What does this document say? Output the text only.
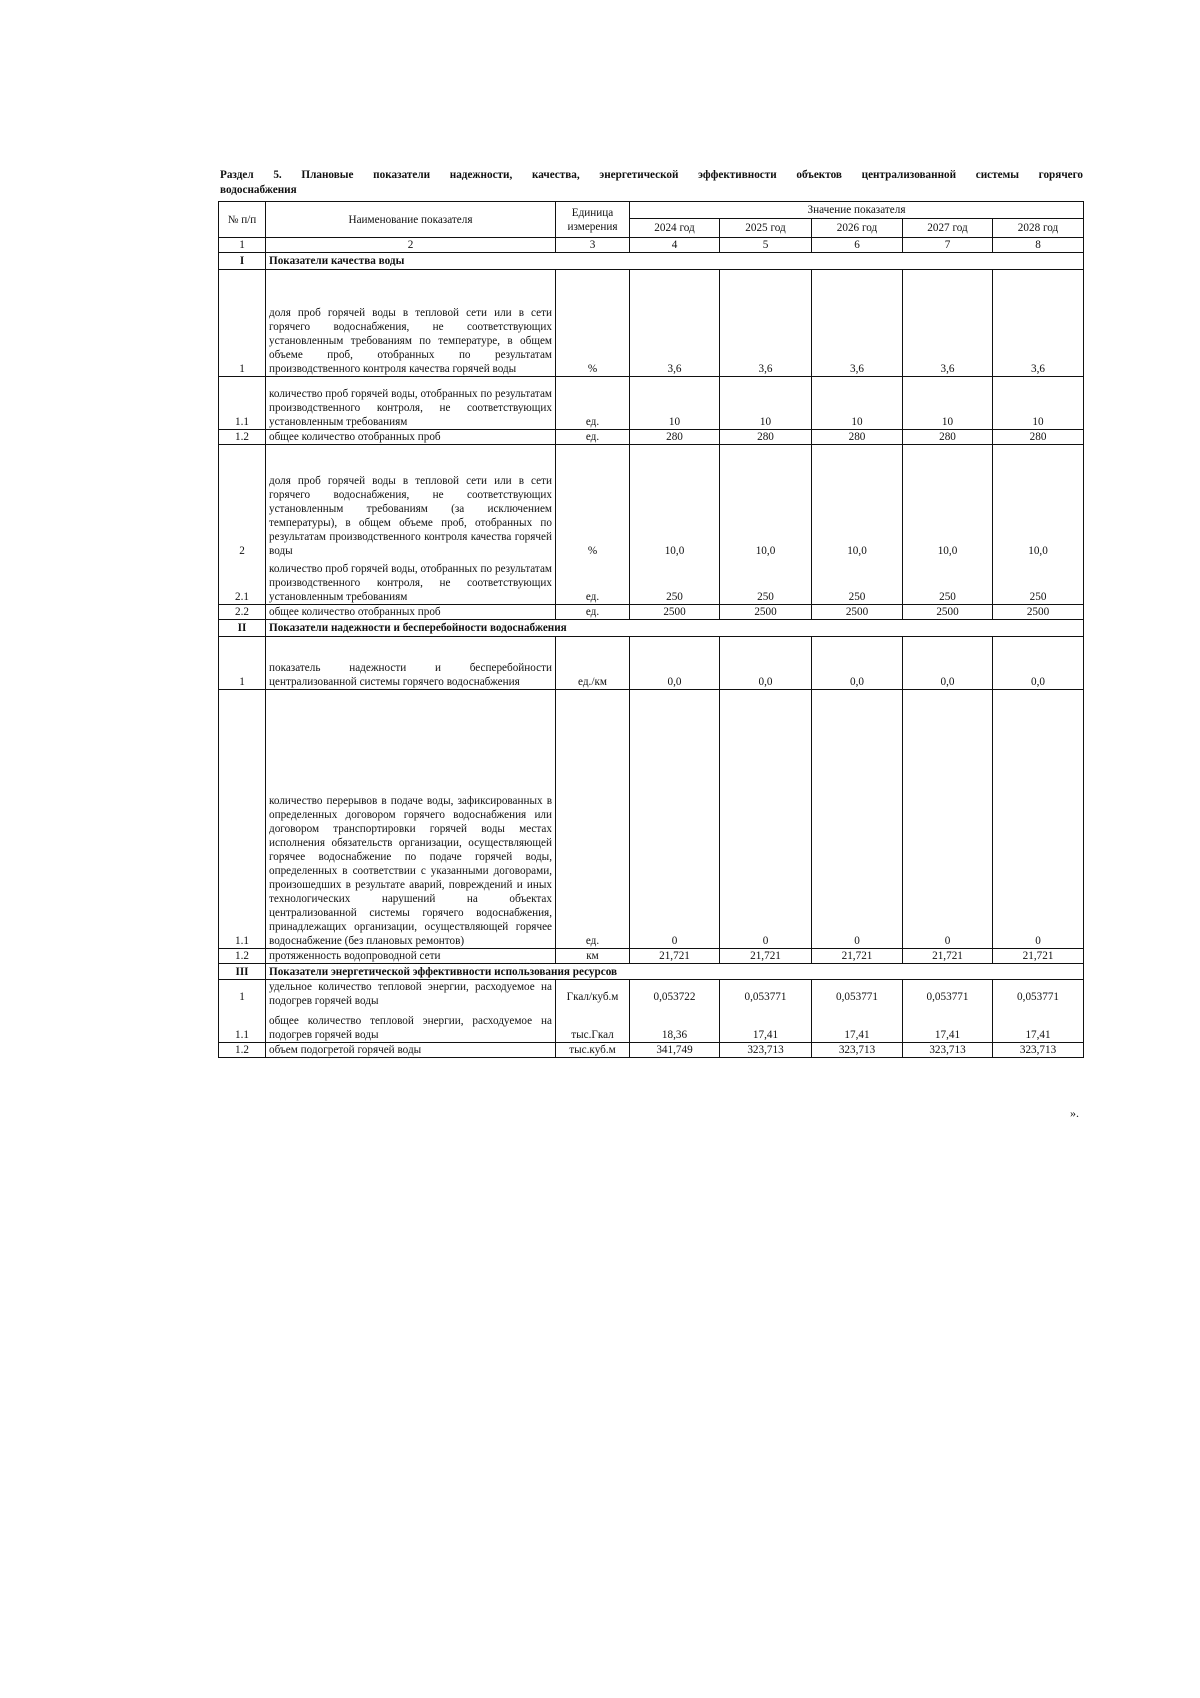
Раздел 5. Плановые показатели надежности, качества, энергетической эффективности объектов централизованной системы горячего
водоснабжения
№ п/п	Наименование показателя	Единица измерения	Значение показателя				
			2024 год	2025 год	2026 год	2027 год	2028 год
1	2	3	4	5	6	7	8
I	Показатели качества воды						
1	доля проб горячей воды в тепловой сети или в сети горячего водоснабжения, не соответствующих установленным требованиям по температуре, в общем объеме проб, отобранных по результатам производственного контроля качества горячей воды	%	3,6	3,6	3,6	3,6	3,6
1.1	количество проб горячей воды, отобранных по результатам производственного контроля, не соответствующих установленным требованиям	ед.	10	10	10	10	10
1.2	общее количество отобранных проб	ед.	280	280	280	280	280
2	доля проб горячей воды в тепловой сети или в сети горячего водоснабжения, не соответствующих установленным требованиям (за исключением температуры), в общем объеме проб, отобранных по результатам производственного контроля качества горячей воды	%	10,0	10,0	10,0	10,0	10,0
2.1	количество проб горячей воды, отобранных по результатам производственного контроля, не соответствующих установленным требованиям	ед.	250	250	250	250	250
2.2	общее количество отобранных проб	ед.	2500	2500	2500	2500	2500
II	Показатели надежности и бесперебойности водоснабжения						
1	показатель надежности и бесперебойности централизованной системы горячего водоснабжения	ед./км	0,0	0,0	0,0	0,0	0,0
1.1	количество перерывов в подаче воды, зафиксированных в определенных договором горячего водоснабжения или договором транспортировки горячей воды местах исполнения обязательств организации, осуществляющей горячее водоснабжение по подаче горячей воды, определенных в соответствии с указанными договорами, произошедших в результате аварий, повреждений и иных технологических нарушений на объектах централизованной системы горячего водоснабжения, принадлежащих организации, осуществляющей горячее водоснабжение (без плановых ремонтов)	ед.	0	0	0	0	0
1.2	протяженность водопроводной сети	км	21,721	21,721	21,721	21,721	21,721
III	Показатели энергетической эффективности использования ресурсов						
1	удельное количество тепловой энергии, расходуемое на подогрев горячей воды	Гкал/куб.м	0,053722	0,053771	0,053771	0,053771	0,053771
1.1	общее количество тепловой энергии, расходуемое на подогрев горячей воды	тыс.Гкал	18,36	17,41	17,41	17,41	17,41
1.2	объем подогретой горячей воды	тыс.куб.м	341,749	323,713	323,713	323,713	323,713
».
